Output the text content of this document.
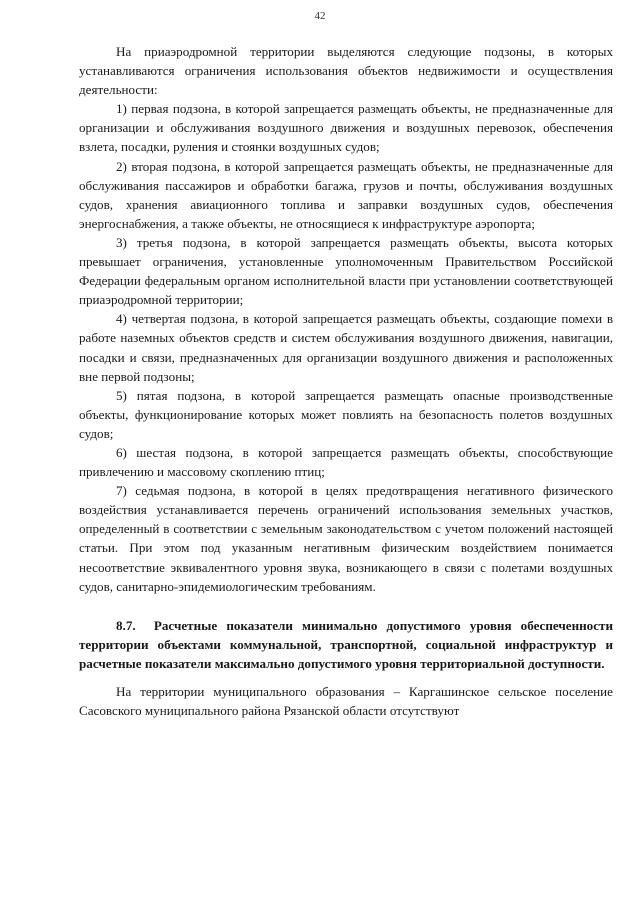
42

На приаэродромной территории выделяются следующие подзоны, в которых устанавливаются ограничения использования объектов недвижимости и осуществления деятельности:

1) первая подзона, в которой запрещается размещать объекты, не предназначенные для организации и обслуживания воздушного движения и воздушных перевозок, обеспечения взлета, посадки, руления и стоянки воздушных судов;

2) вторая подзона, в которой запрещается размещать объекты, не предназначенные для обслуживания пассажиров и обработки багажа, грузов и почты, обслуживания воздушных судов, хранения авиационного топлива и заправки воздушных судов, обеспечения энергоснабжения, а также объекты, не относящиеся к инфраструктуре аэропорта;

3) третья подзона, в которой запрещается размещать объекты, высота которых превышает ограничения, установленные уполномоченным Правительством Российской Федерации федеральным органом исполнительной власти при установлении соответствующей приаэродромной территории;

4) четвертая подзона, в которой запрещается размещать объекты, создающие помехи в работе наземных объектов средств и систем обслуживания воздушного движения, навигации, посадки и связи, предназначенных для организации воздушного движения и расположенных вне первой подзоны;

5) пятая подзона, в которой запрещается размещать опасные производственные объекты, функционирование которых может повлиять на безопасность полетов воздушных судов;

6) шестая подзона, в которой запрещается размещать объекты, способствующие привлечению и массовому скоплению птиц;

7) седьмая подзона, в которой в целях предотвращения негативного физического воздействия устанавливается перечень ограничений использования земельных участков, определенный в соответствии с земельным законодательством с учетом положений настоящей статьи. При этом под указанным негативным физическим воздействием понимается несоответствие эквивалентного уровня звука, возникающего в связи с полетами воздушных судов, санитарно-эпидемиологическим требованиям.

8.7. Расчетные показатели минимально допустимого уровня обеспеченности территории объектами коммунальной, транспортной, социальной инфраструктур и расчетные показатели максимально допустимого уровня территориальной доступности.

На территории муниципального образования – Каргашинское сельское поселение Сасовского муниципального района Рязанской области отсутствуют
